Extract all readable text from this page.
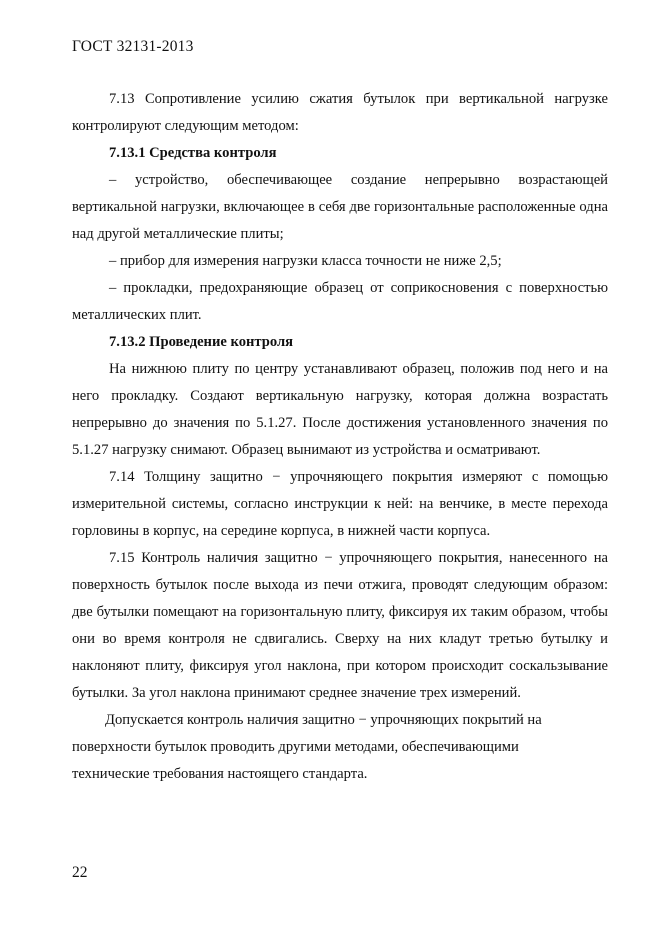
ГОСТ 32131-2013

7.13 Сопротивление усилию сжатия бутылок при вертикальной нагрузке контролируют следующим методом:

7.13.1 Средства контроля

– устройство, обеспечивающее создание непрерывно возрастающей вертикальной нагрузки, включающее в себя две горизонтальные расположенные одна над другой металлические плиты;

– прибор для измерения нагрузки класса точности не ниже 2,5;

– прокладки, предохраняющие образец от соприкосновения с поверхностью металлических плит.

7.13.2 Проведение контроля

На нижнюю плиту по центру устанавливают образец, положив под него и на него прокладку. Создают вертикальную нагрузку, которая должна возрастать непрерывно до значения по 5.1.27. После достижения установленного значения по 5.1.27 нагрузку снимают. Образец вынимают из устройства и осматривают.

7.14 Толщину защитно − упрочняющего покрытия измеряют с помощью измерительной системы, согласно инструкции к ней: на венчике, в месте перехода горловины в корпус, на середине корпуса, в нижней части корпуса.

7.15 Контроль наличия защитно − упрочняющего покрытия, нанесенного на поверхность бутылок после выхода из печи отжига, проводят следующим образом: две бутылки помещают на горизонтальную плиту, фиксируя их таким образом, чтобы они во время контроля не сдвигались. Сверху на них кладут третью бутылку и наклоняют плиту, фиксируя угол наклона, при котором происходит соскальзывание бутылки. За угол наклона принимают среднее значение трех измерений.

Допускается контроль наличия защитно − упрочняющих покрытий на поверхности бутылок проводить другими методами, обеспечивающими технические требования настоящего стандарта.

22
